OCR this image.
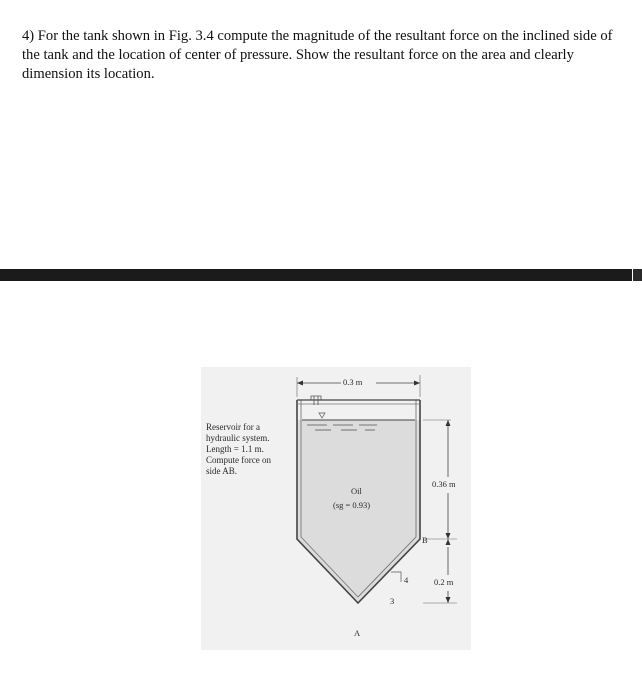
4) For the tank shown in Fig. 3.4 compute the magnitude of the resultant force on the inclined side of the tank and the location of center of pressure. Show the resultant force on the area and clearly dimension its location.

Reservoir for a
hydraulic system.
Length = 1.1 m.
Compute force on
side AB.
0.3 m
Oil
(sg = 0.93)
0.36 m
0.2 m
B
A
4
3
